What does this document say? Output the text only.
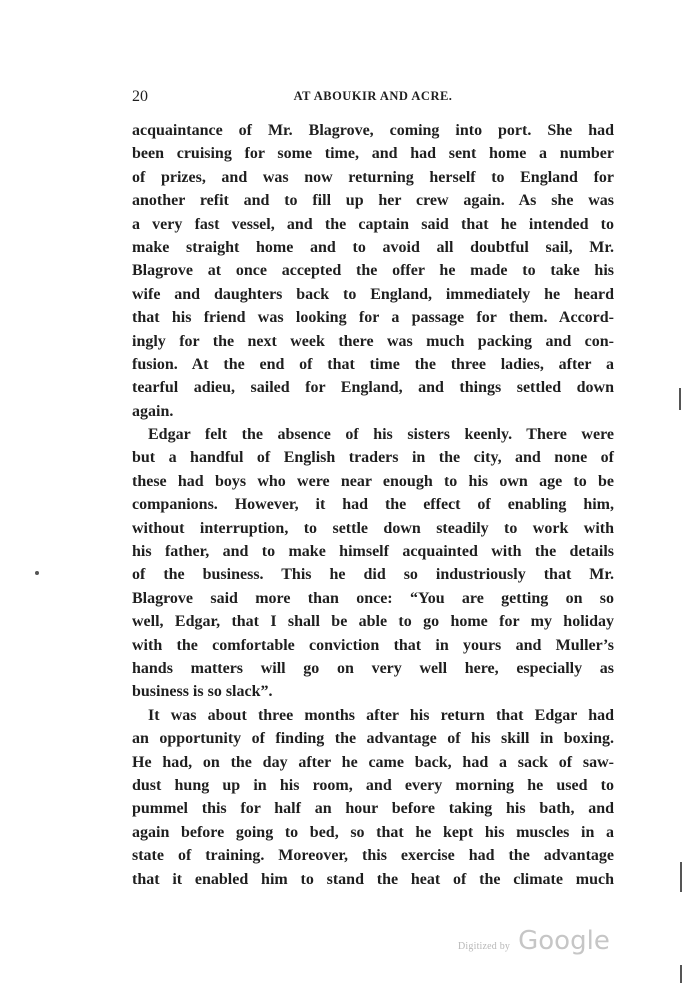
20	AT ABOUKIR AND ACRE.
acquaintance of Mr. Blagrove, coming into port. She had
been cruising for some time, and had sent home a number
of prizes, and was now returning herself to England for
another refit and to fill up her crew again. As she was
a very fast vessel, and the captain said that he intended to
make straight home and to avoid all doubtful sail, Mr.
Blagrove at once accepted the offer he made to take his
wife and daughters back to England, immediately he heard
that his friend was looking for a passage for them. Accord-
ingly for the next week there was much packing and con-
fusion. At the end of that time the three ladies, after a
tearful adieu, sailed for England, and things settled down
again.
Edgar felt the absence of his sisters keenly. There were
but a handful of English traders in the city, and none of
these had boys who were near enough to his own age to be
companions. However, it had the effect of enabling him,
without interruption, to settle down steadily to work with
his father, and to make himself acquainted with the details
of the business. This he did so industriously that Mr.
Blagrove said more than once: “You are getting on so
well, Edgar, that I shall be able to go home for my holiday
with the comfortable conviction that in yours and Muller’s
hands matters will go on very well here, especially as
business is so slack”.
It was about three months after his return that Edgar had
an opportunity of finding the advantage of his skill in boxing.
He had, on the day after he came back, had a sack of saw-
dust hung up in his room, and every morning he used to
pummel this for half an hour before taking his bath, and
again before going to bed, so that he kept his muscles in a
state of training. Moreover, this exercise had the advantage
that it enabled him to stand the heat of the climate much
Digitized by Google
